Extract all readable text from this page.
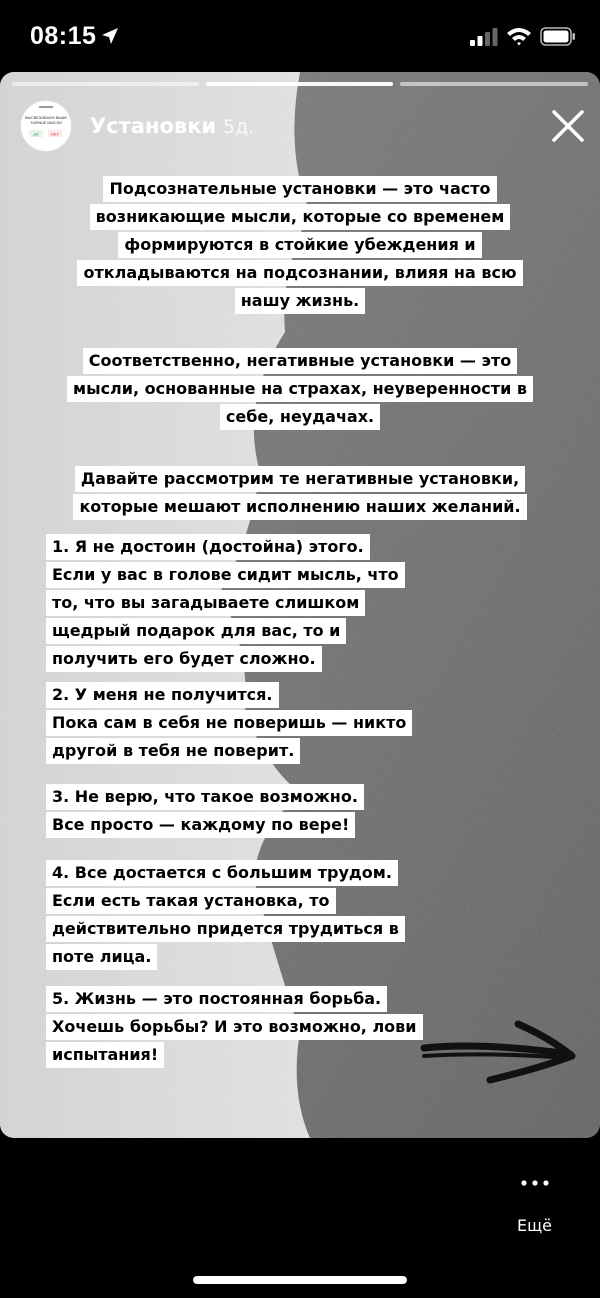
08:15
ВЫСВЕЧИВАЕМ ВАШИ
ТАЙНЫЕ МЫСЛИ
ДА	НЕТ Установки 5д.
Подсознательные установки — это часто
возникающие мысли, которые со временем
формируются в стойкие убеждения и
откладываются на подсознании, влияя на всю
нашу жизнь.
Соответственно, негативные установки — это
мысли, основанные на страхах, неуверенности в
себе, неудачах.
Давайте рассмотрим те негативные установки,
которые мешают исполнению наших желаний.
1. Я не достоин (достойна) этого.
Если у вас в голове сидит мысль, что
то, что вы загадываете слишком
щедрый подарок для вас, то и
получить его будет сложно.
2. У меня не получится.
Пока сам в себя не поверишь — никто
другой в тебя не поверит.
3. Не верю, что такое возможно.
Все просто — каждому по вере!
4. Все достается с большим трудом.
Если есть такая установка, то
действительно придется трудиться в
поте лица.
5. Жизнь — это постоянная борьба.
Хочешь борьбы? И это возможно, лови
испытания!
Ещё
